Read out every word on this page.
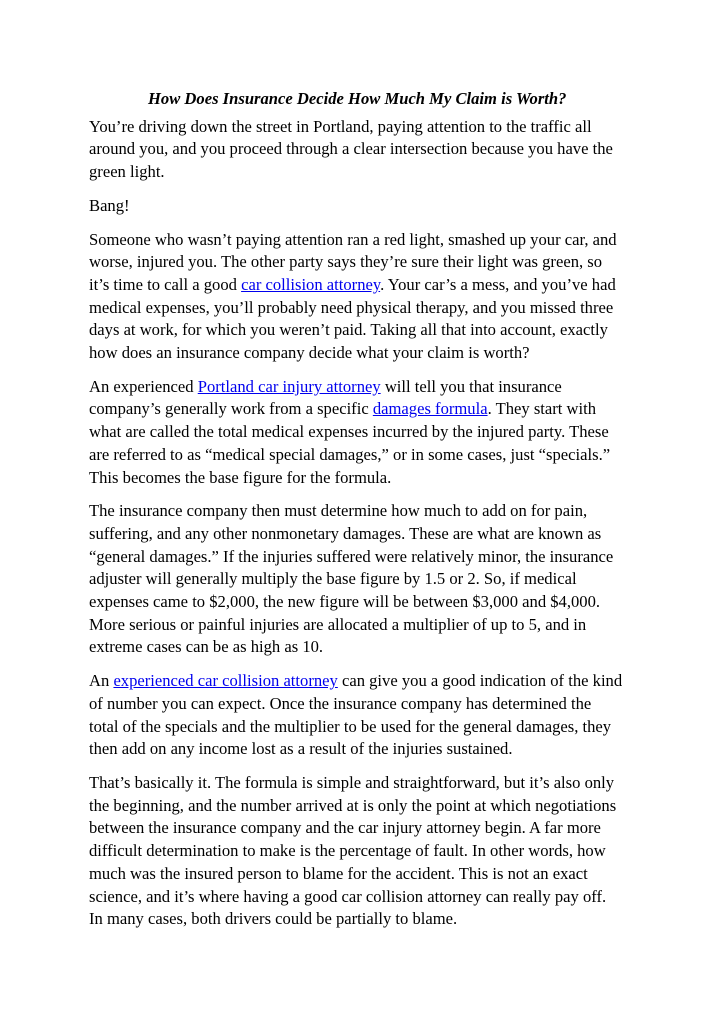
How Does Insurance Decide How Much My Claim is Worth?

You’re driving down the street in Portland, paying attention to the traffic all
around you, and you proceed through a clear intersection because you have the
green light.

Bang!

Someone who wasn’t paying attention ran a red light, smashed up your car, and
worse, injured you. The other party says they’re sure their light was green, so
it’s time to call a good car collision attorney. Your car’s a mess, and you’ve had
medical expenses, you’ll probably need physical therapy, and you missed three
days at work, for which you weren’t paid. Taking all that into account, exactly
how does an insurance company decide what your claim is worth?

An experienced Portland car injury attorney will tell you that insurance
company’s generally work from a specific damages formula. They start with
what are called the total medical expenses incurred by the injured party. These
are referred to as “medical special damages,” or in some cases, just “specials.”
This becomes the base figure for the formula.

The insurance company then must determine how much to add on for pain,
suffering, and any other nonmonetary damages. These are what are known as
“general damages.” If the injuries suffered were relatively minor, the insurance
adjuster will generally multiply the base figure by 1.5 or 2. So, if medical
expenses came to $2,000, the new figure will be between $3,000 and $4,000.
More serious or painful injuries are allocated a multiplier of up to 5, and in
extreme cases can be as high as 10.

An experienced car collision attorney can give you a good indication of the kind
of number you can expect. Once the insurance company has determined the
total of the specials and the multiplier to be used for the general damages, they
then add on any income lost as a result of the injuries sustained.

That’s basically it. The formula is simple and straightforward, but it’s also only
the beginning, and the number arrived at is only the point at which negotiations
between the insurance company and the car injury attorney begin. A far more
difficult determination to make is the percentage of fault. In other words, how
much was the insured person to blame for the accident. This is not an exact
science, and it’s where having a good car collision attorney can really pay off.
In many cases, both drivers could be partially to blame.
